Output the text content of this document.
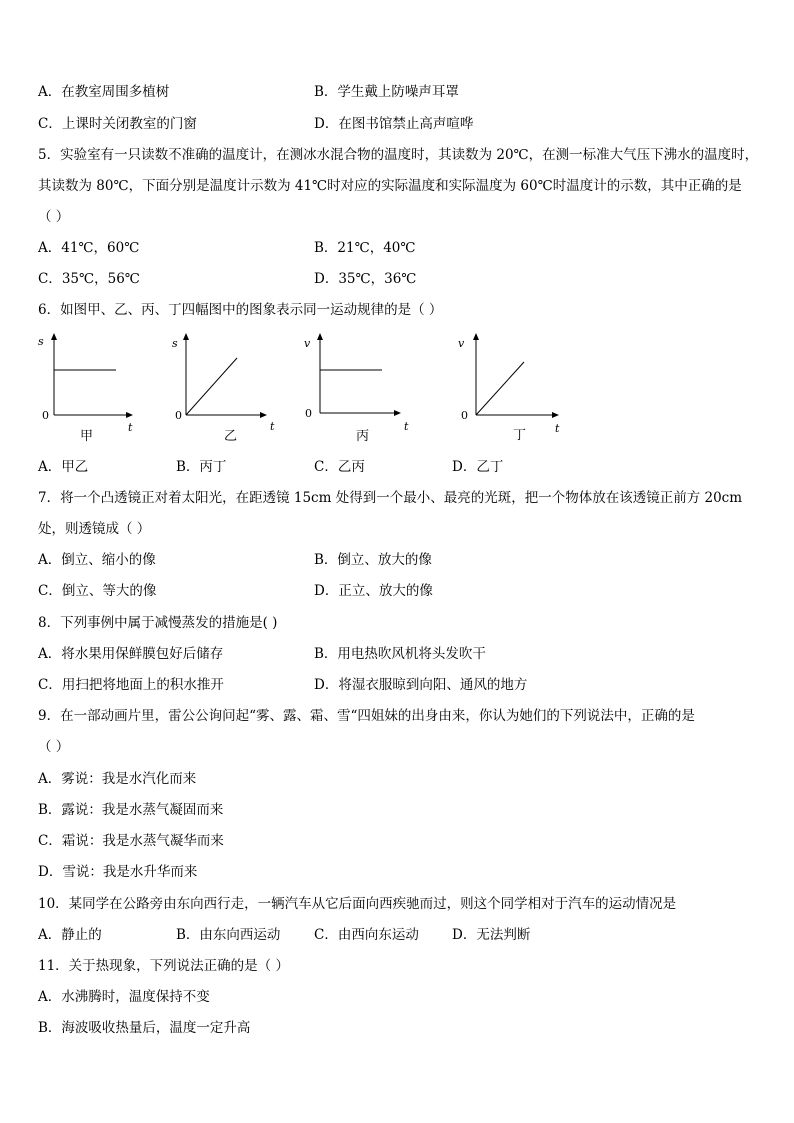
A．在教室周围多植树	B．学生戴上防噪声耳罩
C．上课时关闭教室的门窗	D．在图书馆禁止高声喧哗
5．实验室有一只读数不准确的温度计，在测冰水混合物的温度时，其读数为 20℃，在测一标准大气压下沸水的温度时，
其读数为 80℃，下面分别是温度计示数为 41℃时对应的实际温度和实际温度为 60℃时温度计的示数，其中正确的是
（ ）
A．41℃，60℃	B．21℃，40℃
C．35℃，56℃	D．35℃，36℃
6．如图甲、乙、丙、丁四幅图中的图象表示同一运动规律的是（ ）
s
0
t
甲
s
0
t
乙
v
0
t
丙
v
0
t
丁
A．甲乙	B．丙丁	C．乙丙	D．乙丁
7．将一个凸透镜正对着太阳光，在距透镜 15cm 处得到一个最小、最亮的光斑，把一个物体放在该透镜正前方 20cm
处，则透镜成（ ）
A．倒立、缩小的像	B．倒立、放大的像
C．倒立、等大的像	D．正立、放大的像
8．下列事例中属于减慢蒸发的措施是( )
A．将水果用保鲜膜包好后储存	B．用电热吹风机将头发吹干
C．用扫把将地面上的积水推开	D．将湿衣服晾到向阳、通风的地方
9．在一部动画片里，雷公公询问起“雾、露、霜、雪“四姐妹的出身由来，你认为她们的下列说法中，正确的是
（ ）
A．雾说：我是水汽化而来
B．露说：我是水蒸气凝固而来
C．霜说：我是水蒸气凝华而来
D．雪说：我是水升华而来
10．某同学在公路旁由东向西行走，一辆汽车从它后面向西疾驰而过，则这个同学相对于汽车的运动情况是
A．静止的	B．由东向西运动 C．由西向东运动 D．无法判断
11．关于热现象，下列说法正确的是（ ）
A．水沸腾时，温度保持不变
B．海波吸收热量后，温度一定升高
